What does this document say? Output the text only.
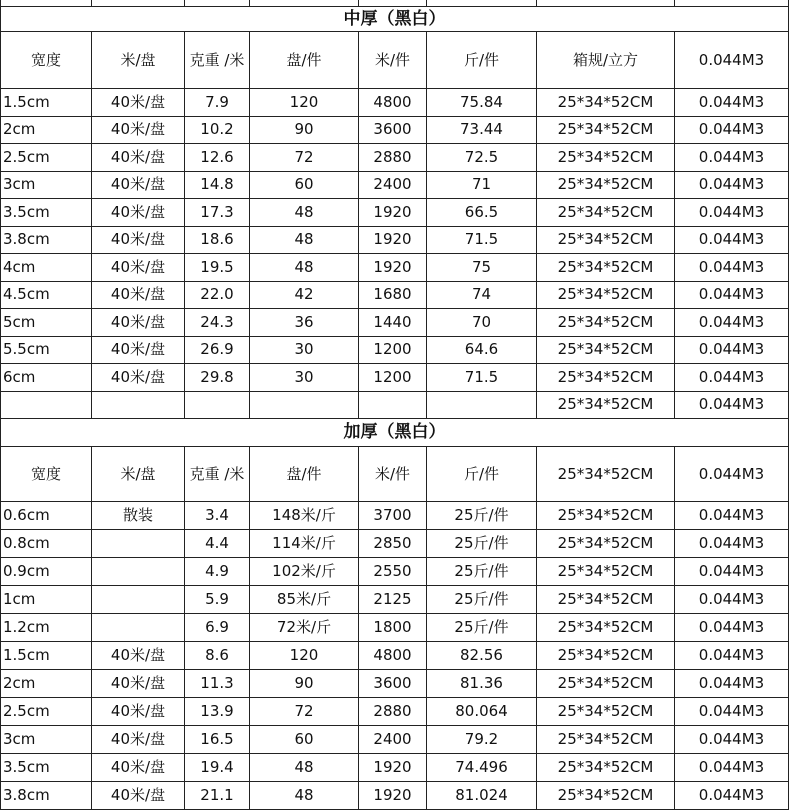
中厚（黑白）							
宽度	米/盘	克重 /米	盘/件	米/件	斤/件	箱规/立方	0.044M3
1.5cm	40米/盘	7.9	120	4800	75.84	25*34*52CM	0.044M3
2cm	40米/盘	10.2	90	3600	73.44	25*34*52CM	0.044M3
2.5cm	40米/盘	12.6	72	2880	72.5	25*34*52CM	0.044M3
3cm	40米/盘	14.8	60	2400	71	25*34*52CM	0.044M3
3.5cm	40米/盘	17.3	48	1920	66.5	25*34*52CM	0.044M3
3.8cm	40米/盘	18.6	48	1920	71.5	25*34*52CM	0.044M3
4cm	40米/盘	19.5	48	1920	75	25*34*52CM	0.044M3
4.5cm	40米/盘	22.0	42	1680	74	25*34*52CM	0.044M3
5cm	40米/盘	24.3	36	1440	70	25*34*52CM	0.044M3
5.5cm	40米/盘	26.9	30	1200	64.6	25*34*52CM	0.044M3
6cm	40米/盘	29.8	30	1200	71.5	25*34*52CM	0.044M3
						25*34*52CM	0.044M3
加厚（黑白）							
宽度	米/盘	克重 /米	盘/件	米/件	斤/件	25*34*52CM	0.044M3
0.6cm	散装	3.4	148米/斤	3700	25斤/件	25*34*52CM	0.044M3
0.8cm		4.4	114米/斤	2850	25斤/件	25*34*52CM	0.044M3
0.9cm		4.9	102米/斤	2550	25斤/件	25*34*52CM	0.044M3
1cm		5.9	85米/斤	2125	25斤/件	25*34*52CM	0.044M3
1.2cm		6.9	72米/斤	1800	25斤/件	25*34*52CM	0.044M3
1.5cm	40米/盘	8.6	120	4800	82.56	25*34*52CM	0.044M3
2cm	40米/盘	11.3	90	3600	81.36	25*34*52CM	0.044M3
2.5cm	40米/盘	13.9	72	2880	80.064	25*34*52CM	0.044M3
3cm	40米/盘	16.5	60	2400	79.2	25*34*52CM	0.044M3
3.5cm	40米/盘	19.4	48	1920	74.496	25*34*52CM	0.044M3
3.8cm	40米/盘	21.1	48	1920	81.024	25*34*52CM	0.044M3
